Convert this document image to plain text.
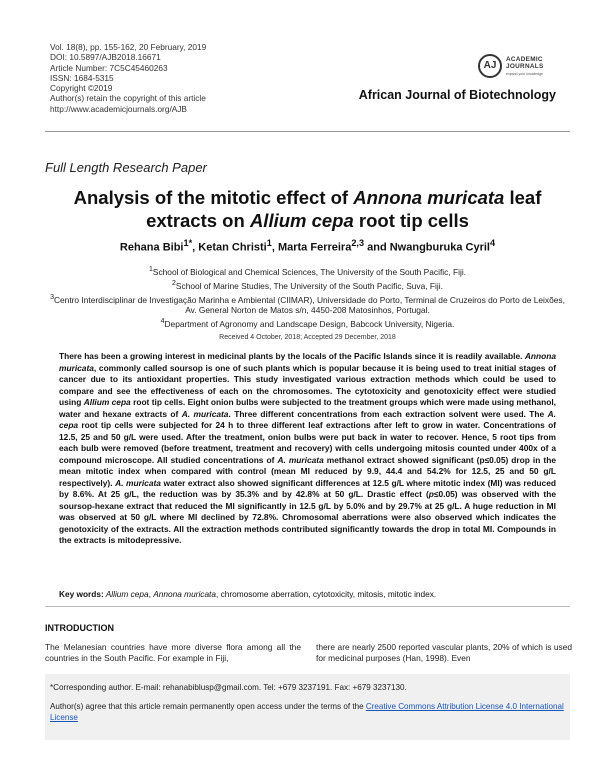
Vol. 18(8), pp. 155-162, 20 February, 2019
DOI: 10.5897/AJB2018.16671
Article Number: 7C5C45460263
ISSN: 1684-5315
Copyright ©2019
Author(s) retain the copyright of this article
http://www.academicjournals.org/AJB
AJ
ACADEMIC
JOURNALS
expand your knowledge
African Journal of Biotechnology
Full Length Research Paper
Analysis of the mitotic effect of Annona muricata leaf extracts on Allium cepa root tip cells
Rehana Bibi$^{1*}$, Ketan Christi$^1$, Marta Ferreira$^{2,3}$ and Nwangburuka Cyril$^4$
$^1$School of Biological and Chemical Sciences, The University of the South Pacific, Fiji.
$^2$School of Marine Studies, The University of the South Pacific, Suva, Fiji.
$^3$Centro Interdisciplinar de Investigação Marinha e Ambiental (CIIMAR), Universidade do Porto, Terminal de Cruzeiros do Porto de Leixões, Av. General Norton de Matos s/n, 4450-208 Matosinhos, Portugal.
$^4$Department of Agronomy and Landscape Design, Babcock University, Nigeria.
Received 4 October, 2018; Accepted 29 December, 2018
There has been a growing interest in medicinal plants by the locals of the Pacific Islands since it is readily available. Annona muricata, commonly called soursop is one of such plants which is popular because it is being used to treat initial stages of cancer due to its antioxidant properties. This study investigated various extraction methods which could be used to compare and see the effectiveness of each on the chromosomes. The cytotoxicity and genotoxicity effect were studied using Allium cepa root tip cells. Eight onion bulbs were subjected to the treatment groups which were made using methanol, water and hexane extracts of A. muricata. Three different concentrations from each extraction solvent were used. The A. cepa root tip cells were subjected for 24 h to three different leaf extractions after left to grow in water. Concentrations of 12.5, 25 and 50 g/L were used. After the treatment, onion bulbs were put back in water to recover. Hence, 5 root tips from each bulb were removed (before treatment, treatment and recovery) with cells undergoing mitosis counted under 400x of a compound microscope. All studied concentrations of A. muricata methanol extract showed significant (p≤0.05) drop in the mean mitotic index when compared with control (mean MI reduced by 9.9, 44.4 and 54.2% for 12.5, 25 and 50 g/L respectively). A. muricata water extract also showed significant differences at 12.5 g/L where mitotic index (MI) was reduced by 8.6%. At 25 g/L, the reduction was by 35.3% and by 42.8% at 50 g/L. Drastic effect (p≤0.05) was observed with the soursop-hexane extract that reduced the MI significantly in 12.5 g/L by 5.0% and by 29.7% at 25 g/L. A huge reduction in MI was observed at 50 g/L where MI declined by 72.8%. Chromosomal aberrations were also observed which indicates the genotoxicity of the extracts. All the extraction methods contributed significantly towards the drop in total MI. Compounds in the extracts is mitodepressive.
Key words: Allium cepa, Annona muricata, chromosome aberration, cytotoxicity, mitosis, mitotic index.
INTRODUCTION
The Melanesian countries have more diverse flora among all the countries in the South Pacific. For example in Fiji,
there are nearly 2500 reported vascular plants, 20% of which is used for medicinal purposes (Han, 1998). Even
*Corresponding author. E-mail: rehanabiblusp@gmail.com. Tel: +679 3237191. Fax: +679 3237130.
Author(s) agree that this article remain permanently open access under the terms of the Creative Commons Attribution License 4.0 International License
